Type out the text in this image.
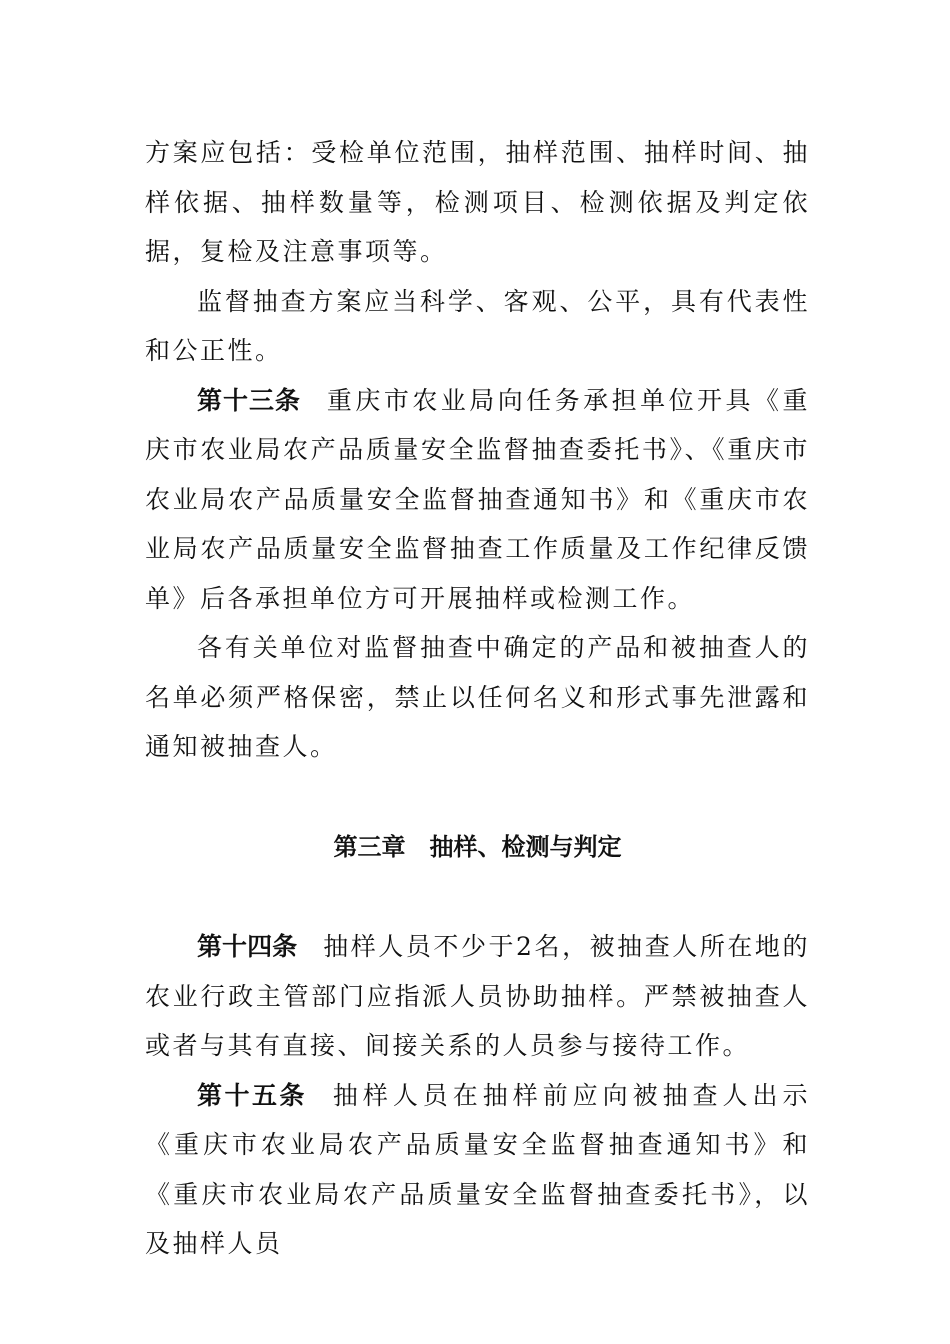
方案应包括：受检单位范围，抽样范围、抽样时间、抽样依据、抽样数量等，检测项目、检测依据及判定依据，复检及注意事项等。

监督抽查方案应当科学、客观、公平，具有代表性和公正性。

第十三条 重庆市农业局向任务承担单位开具《重庆市农业局农产品质量安全监督抽查委托书》、《重庆市农业局农产品质量安全监督抽查通知书》和《重庆市农业局农产品质量安全监督抽查工作质量及工作纪律反馈单》后各承担单位方可开展抽样或检测工作。

各有关单位对监督抽查中确定的产品和被抽查人的名单必须严格保密，禁止以任何名义和形式事先泄露和通知被抽查人。

第三章　抽样、检测与判定

第十四条 抽样人员不少于2名，被抽查人所在地的农业行政主管部门应指派人员协助抽样。严禁被抽查人或者与其有直接、间接关系的人员参与接待工作。

第十五条 抽样人员在抽样前应向被抽查人出示《重庆市农业局农产品质量安全监督抽查通知书》和《重庆市农业局农产品质量安全监督抽查委托书》，以及抽样人员
